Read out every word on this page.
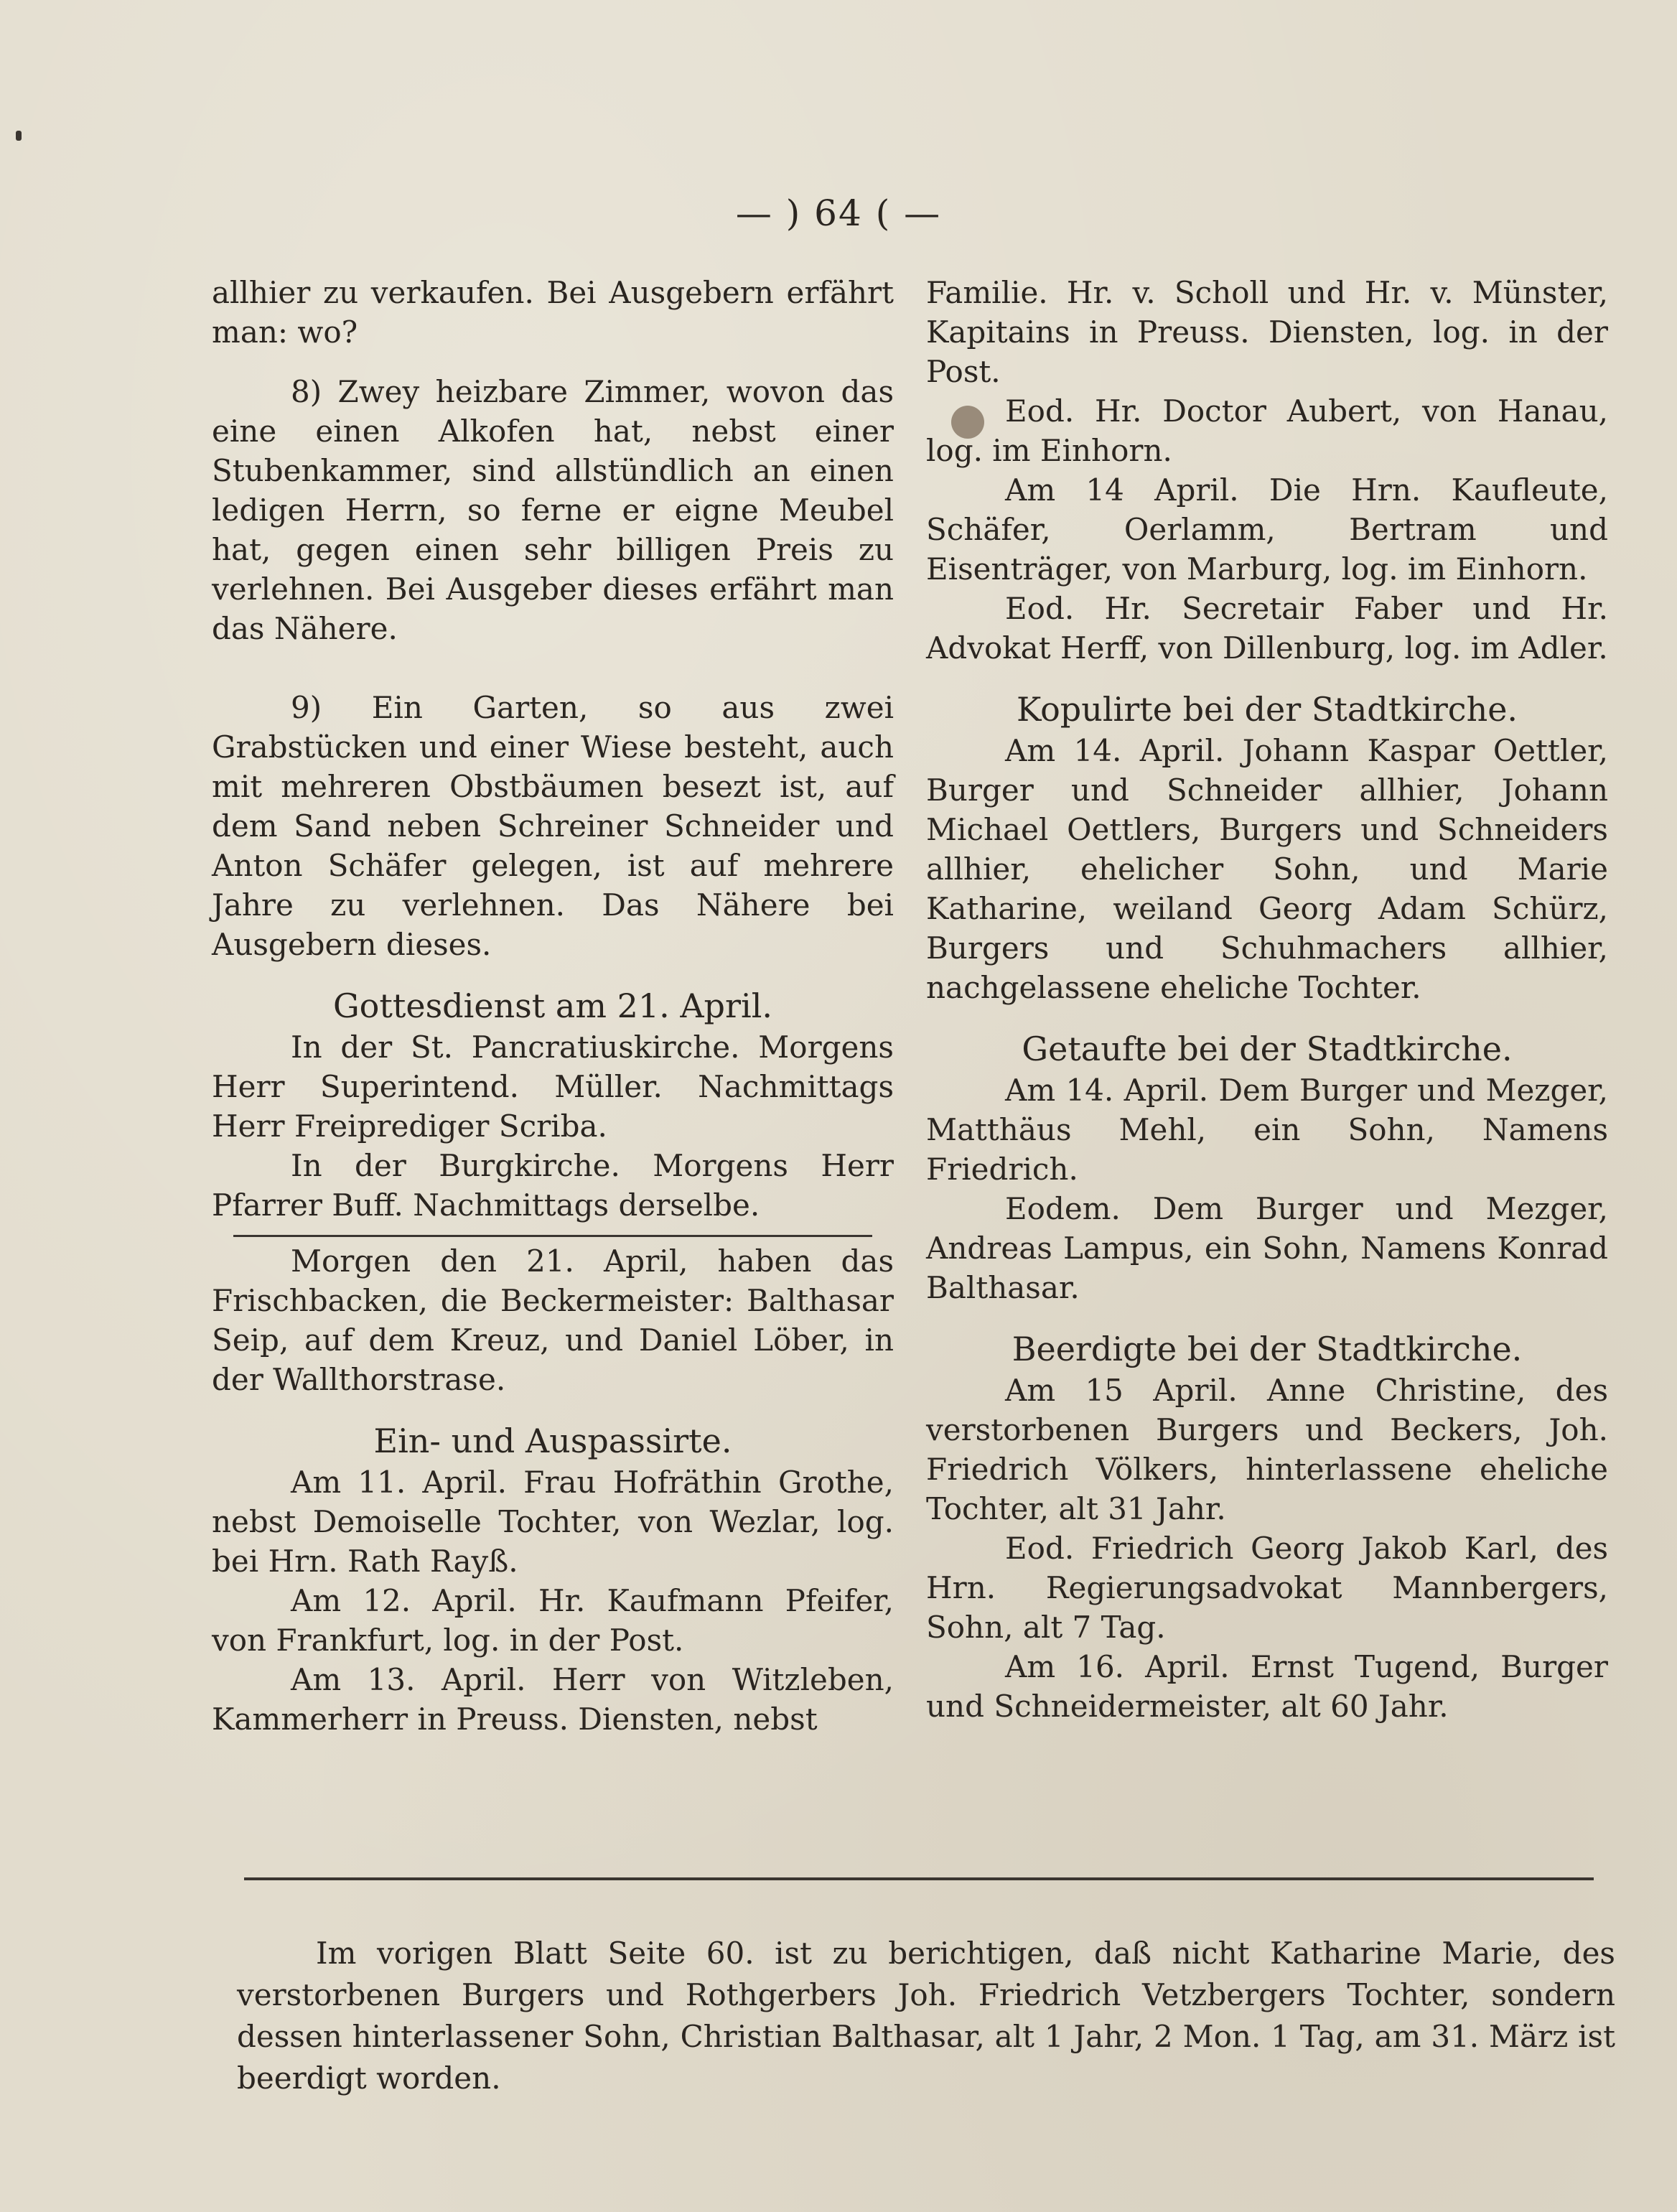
— ) 64 ( —

allhier zu verkaufen. Bei Ausgebern erfährt man: wo?

8) Zwey heizbare Zimmer, wovon das eine einen Alkofen hat, nebst einer Stubenkammer, sind allstündlich an einen ledigen Herrn, so ferne er eigne Meubel hat, gegen einen sehr billigen Preis zu verlehnen. Bei Ausgeber dieses erfährt man das Nähere.

9) Ein Garten, so aus zwei Grabstücken und einer Wiese besteht, auch mit mehreren Obstbäumen besezt ist, auf dem Sand neben Schreiner Schneider und Anton Schäfer gelegen, ist auf mehrere Jahre zu verlehnen. Das Nähere bei Ausgebern dieses.

Gottesdienst am 21. April.

In der St. Pancratiuskirche. Morgens Herr Superintend. Müller. Nachmittags Herr Freiprediger Scriba.

In der Burgkirche. Morgens Herr Pfarrer Buff. Nachmittags derselbe.

Morgen den 21. April, haben das Frischbacken, die Beckermeister: Balthasar Seip, auf dem Kreuz, und Daniel Löber, in der Wallthorstrase.

Ein- und Auspassirte.

Am 11. April. Frau Hofräthin Grothe, nebst Demoiselle Tochter, von Wezlar, log. bei Hrn. Rath Rayß.

Am 12. April. Hr. Kaufmann Pfeifer, von Frankfurt, log. in der Post.

Am 13. April. Herr von Witzleben, Kammerherr in Preuss. Diensten, nebst

Familie. Hr. v. Scholl und Hr. v. Münster, Kapitains in Preuss. Diensten, log. in der Post.

Eod. Hr. Doctor Aubert, von Hanau, log. im Einhorn.

Am 14 April. Die Hrn. Kaufleute, Schäfer, Oerlamm, Bertram und Eisenträger, von Marburg, log. im Einhorn.

Eod. Hr. Secretair Faber und Hr. Advokat Herff, von Dillenburg, log. im Adler.

Kopulirte bei der Stadtkirche.

Am 14. April. Johann Kaspar Oettler, Burger und Schneider allhier, Johann Michael Oettlers, Burgers und Schneiders allhier, ehelicher Sohn, und Marie Katharine, weiland Georg Adam Schürz, Burgers und Schuhmachers allhier, nachgelassene eheliche Tochter.

Getaufte bei der Stadtkirche.

Am 14. April. Dem Burger und Mezger, Matthäus Mehl, ein Sohn, Namens Friedrich.

Eodem. Dem Burger und Mezger, Andreas Lampus, ein Sohn, Namens Konrad Balthasar.

Beerdigte bei der Stadtkirche.

Am 15 April. Anne Christine, des verstorbenen Burgers und Beckers, Joh. Friedrich Völkers, hinterlassene eheliche Tochter, alt 31 Jahr.

Eod. Friedrich Georg Jakob Karl, des Hrn. Regierungsadvokat Mannbergers, Sohn, alt 7 Tag.

Am 16. April. Ernst Tugend, Burger und Schneidermeister, alt 60 Jahr.

Im vorigen Blatt Seite 60. ist zu berichtigen, daß nicht Katharine Marie, des verstorbenen Burgers und Rothgerbers Joh. Friedrich Vetzbergers Tochter, sondern dessen hinterlassener Sohn, Christian Balthasar, alt 1 Jahr, 2 Mon. 1 Tag, am 31. März ist beerdigt worden.
